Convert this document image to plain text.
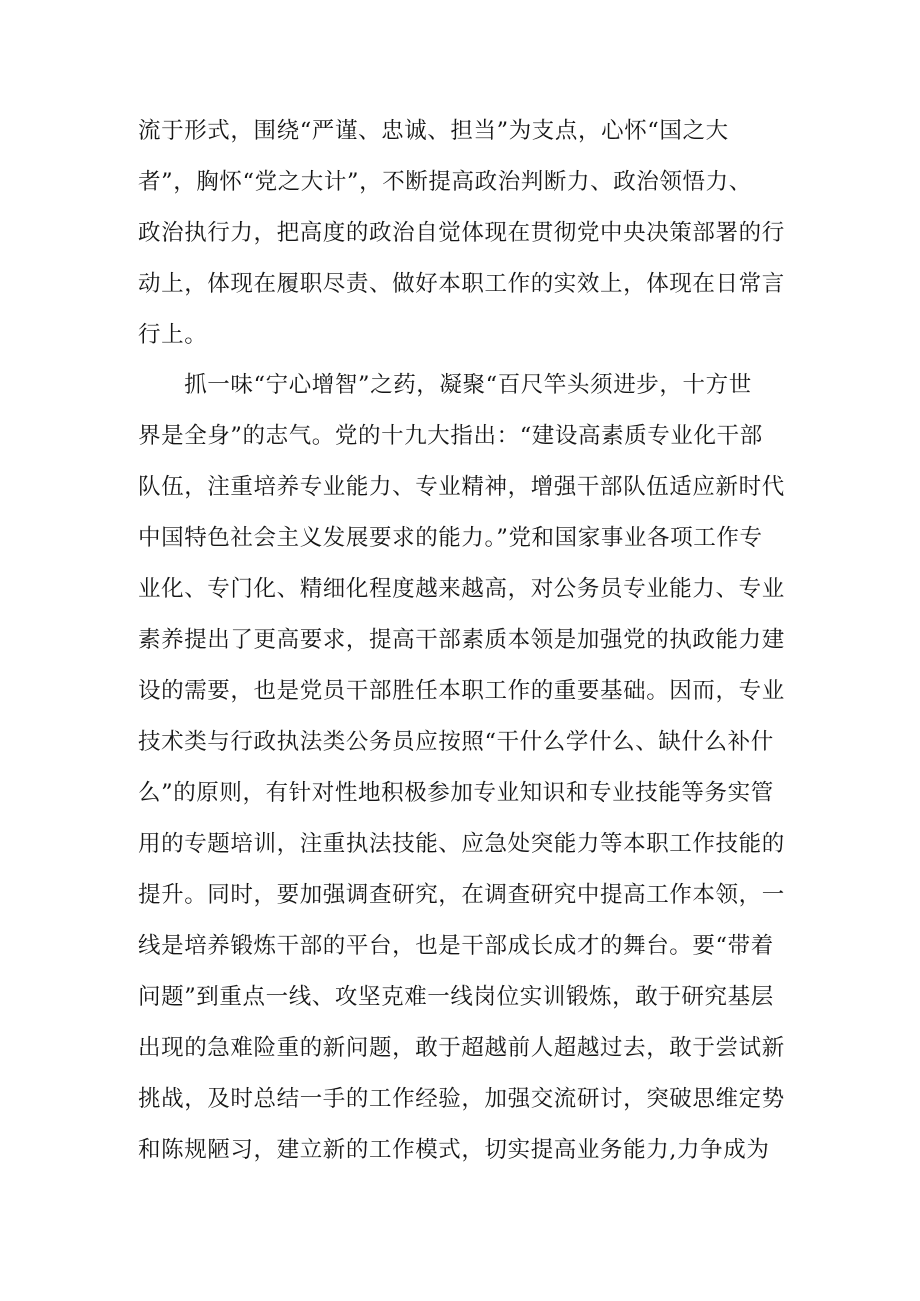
流于形式，围绕“严谨、忠诚、担当”为支点，心怀“国之大
者”，胸怀“党之大计”，不断提高政治判断力、政治领悟力、
政治执行力，把高度的政治自觉体现在贯彻党中央决策部署的行
动上，体现在履职尽责、做好本职工作的实效上，体现在日常言
行上。
　　抓一味“宁心增智”之药，凝聚“百尺竿头须进步，十方世
界是全身”的志气。党的十九大指出：“建设高素质专业化干部
队伍，注重培养专业能力、专业精神，增强干部队伍适应新时代
中国特色社会主义发展要求的能力。”党和国家事业各项工作专
业化、专门化、精细化程度越来越高，对公务员专业能力、专业
素养提出了更高要求，提高干部素质本领是加强党的执政能力建
设的需要，也是党员干部胜任本职工作的重要基础。因而，专业
技术类与行政执法类公务员应按照“干什么学什么、缺什么补什
么”的原则，有针对性地积极参加专业知识和专业技能等务实管
用的专题培训，注重执法技能、应急处突能力等本职工作技能的
提升。同时，要加强调查研究，在调查研究中提高工作本领，一
线是培养锻炼干部的平台，也是干部成长成才的舞台。要“带着
问题”到重点一线、攻坚克难一线岗位实训锻炼，敢于研究基层
出现的急难险重的新问题，敢于超越前人超越过去，敢于尝试新
挑战，及时总结一手的工作经验，加强交流研讨，突破思维定势
和陈规陋习，建立新的工作模式，切实提高业务能力,力争成为
